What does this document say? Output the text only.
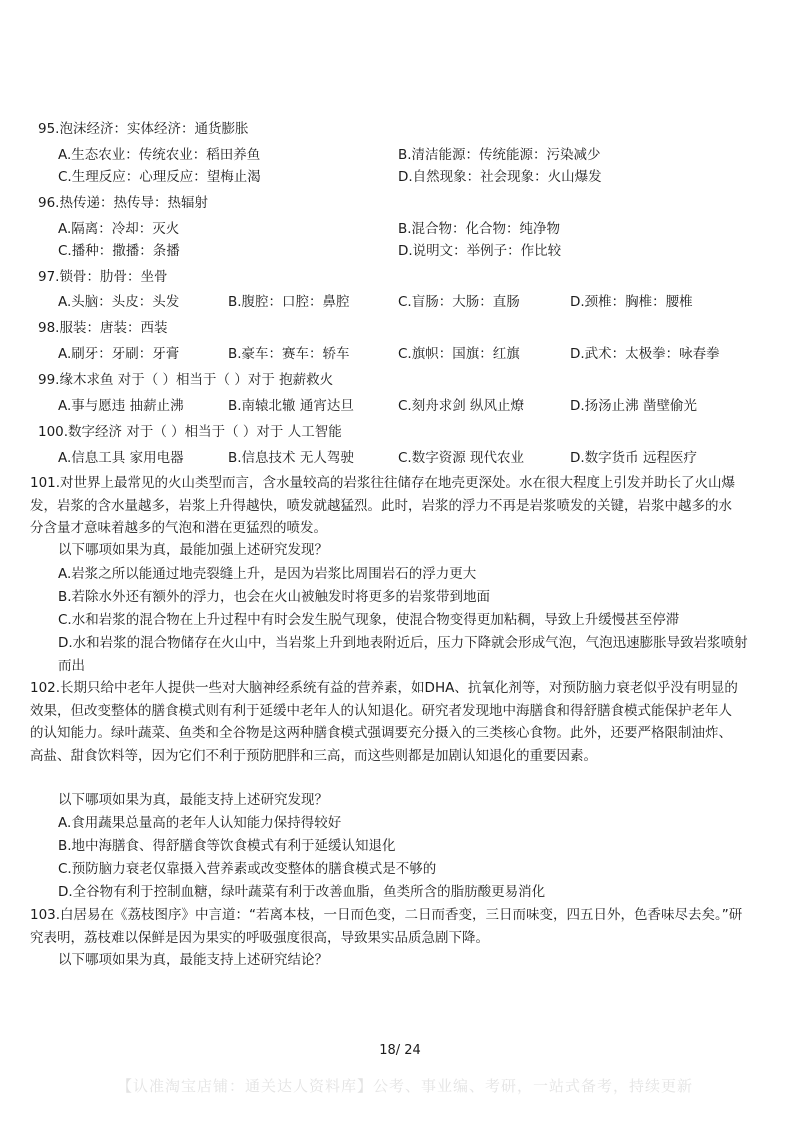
95.泡沫经济：实体经济：通货膨胀
A.生态农业：传统农业：稻田养鱼	B.清洁能源：传统能源：污染减少
C.生理反应：心理反应：望梅止渴	D.自然现象：社会现象：火山爆发
96.热传递：热传导：热辐射
A.隔离：冷却：灭火	B.混合物：化合物：纯净物
C.播种：撒播：条播	D.说明文：举例子：作比较
97.锁骨：肋骨：坐骨
A.头脑：头皮：头发	B.腹腔：口腔：鼻腔	C.盲肠：大肠：直肠	D.颈椎：胸椎：腰椎
98.服装：唐装：西装
A.刷牙：牙刷：牙膏	B.豪车：赛车：轿车	C.旗帜：国旗：红旗	D.武术：太极拳：咏春拳
99.缘木求鱼 对于（ ）相当于（ ）对于 抱薪救火
A.事与愿违 抽薪止沸	B.南辕北辙 通宵达旦	C.刻舟求剑 纵风止燎	D.扬汤止沸 凿壁偷光
100.数字经济 对于（ ）相当于（ ）对于 人工智能
A.信息工具 家用电器	B.信息技术 无人驾驶	C.数字资源 现代农业	D.数字货币 远程医疗
101.对世界上最常见的火山类型而言，含水量较高的岩浆往往储存在地壳更深处。水在很大程度上引发并助长了火山爆发，岩浆的含水量越多，岩浆上升得越快，喷发就越猛烈。此时，岩浆的浮力不再是岩浆喷发的关键，岩浆中越多的水分含量才意味着越多的气泡和潜在更猛烈的喷发。
以下哪项如果为真，最能加强上述研究发现？
A.岩浆之所以能通过地壳裂缝上升，是因为岩浆比周围岩石的浮力更大
B.若除水外还有额外的浮力，也会在火山被触发时将更多的岩浆带到地面
C.水和岩浆的混合物在上升过程中有时会发生脱气现象，使混合物变得更加粘稠，导致上升缓慢甚至停滞
D.水和岩浆的混合物储存在火山中，当岩浆上升到地表附近后，压力下降就会形成气泡，气泡迅速膨胀导致岩浆喷射而出
102.长期只给中老年人提供一些对大脑神经系统有益的营养素，如DHA、抗氧化剂等，对预防脑力衰老似乎没有明显的效果，但改变整体的膳食模式则有利于延缓中老年人的认知退化。研究者发现地中海膳食和得舒膳食模式能保护老年人的认知能力。绿叶蔬菜、鱼类和全谷物是这两种膳食模式强调要充分摄入的三类核心食物。此外，还要严格限制油炸、高盐、甜食饮料等，因为它们不利于预防肥胖和三高，而这些则都是加剧认知退化的重要因素。
以下哪项如果为真，最能支持上述研究发现？
A.食用蔬果总量高的老年人认知能力保持得较好
B.地中海膳食、得舒膳食等饮食模式有利于延缓认知退化
C.预防脑力衰老仅靠摄入营养素或改变整体的膳食模式是不够的
D.全谷物有利于控制血糖，绿叶蔬菜有利于改善血脂，鱼类所含的脂肪酸更易消化
103.白居易在《荔枝图序》中言道：“若离本枝，一日而色变，二日而香变，三日而味变，四五日外，色香味尽去矣。”研究表明，荔枝难以保鲜是因为果实的呼吸强度很高，导致果实品质急剧下降。
以下哪项如果为真，最能支持上述研究结论？
18/ 24
【认准淘宝店铺：通关达人资料库】公考、事业编、考研，一站式备考，持续更新
